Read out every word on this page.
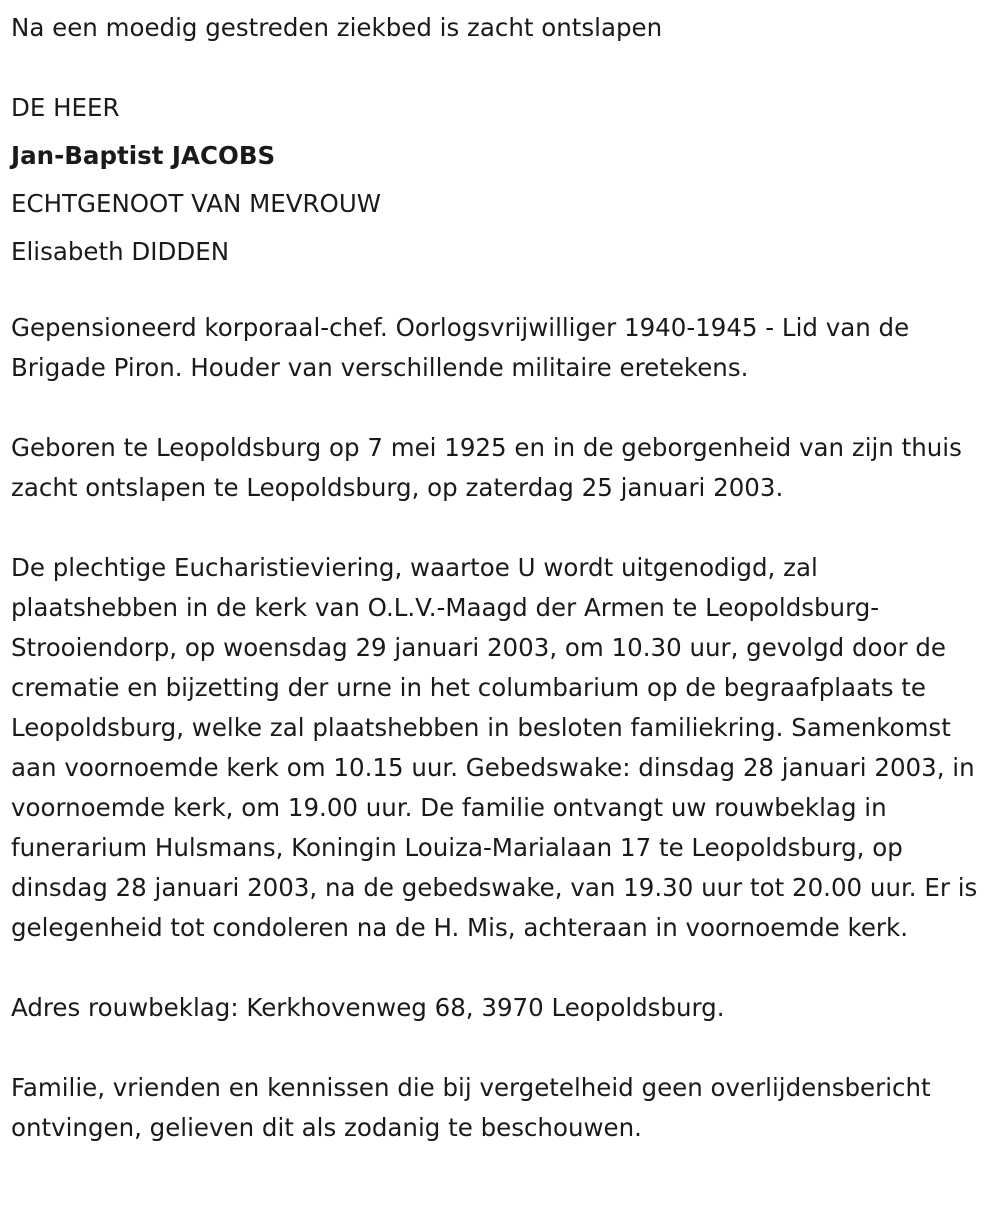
Na een moedig gestreden ziekbed is zacht ontslapen

DE HEER

Jan-Baptist JACOBS

ECHTGENOOT VAN MEVROUW

Elisabeth DIDDEN

Gepensioneerd korporaal-chef. Oorlogsvrijwilliger 1940-1945 - Lid van de Brigade Piron. Houder van verschillende militaire eretekens.

Geboren te Leopoldsburg op 7 mei 1925 en in de geborgenheid van zijn thuis zacht ontslapen te Leopoldsburg, op zaterdag 25 januari 2003.

De plechtige Eucharistieviering, waartoe U wordt uitgenodigd, zal plaatshebben in de kerk van O.L.V.-Maagd der Armen te Leopoldsburg-Strooiendorp, op woensdag 29 januari 2003, om 10.30 uur, gevolgd door de crematie en bijzetting der urne in het columbarium op de begraafplaats te Leopoldsburg, welke zal plaatshebben in besloten familiekring. Samenkomst aan voornoemde kerk om 10.15 uur. Gebedswake: dinsdag 28 januari 2003, in voornoemde kerk, om 19.00 uur. De familie ontvangt uw rouwbeklag in funerarium Hulsmans, Koningin Louiza-Marialaan 17 te Leopoldsburg, op dinsdag 28 januari 2003, na de gebedswake, van 19.30 uur tot 20.00 uur. Er is gelegenheid tot condoleren na de H. Mis, achteraan in voornoemde kerk.

Adres rouwbeklag: Kerkhovenweg 68, 3970 Leopoldsburg.

Familie, vrienden en kennissen die bij vergetelheid geen overlijdensbericht ontvingen, gelieven dit als zodanig te beschouwen.
